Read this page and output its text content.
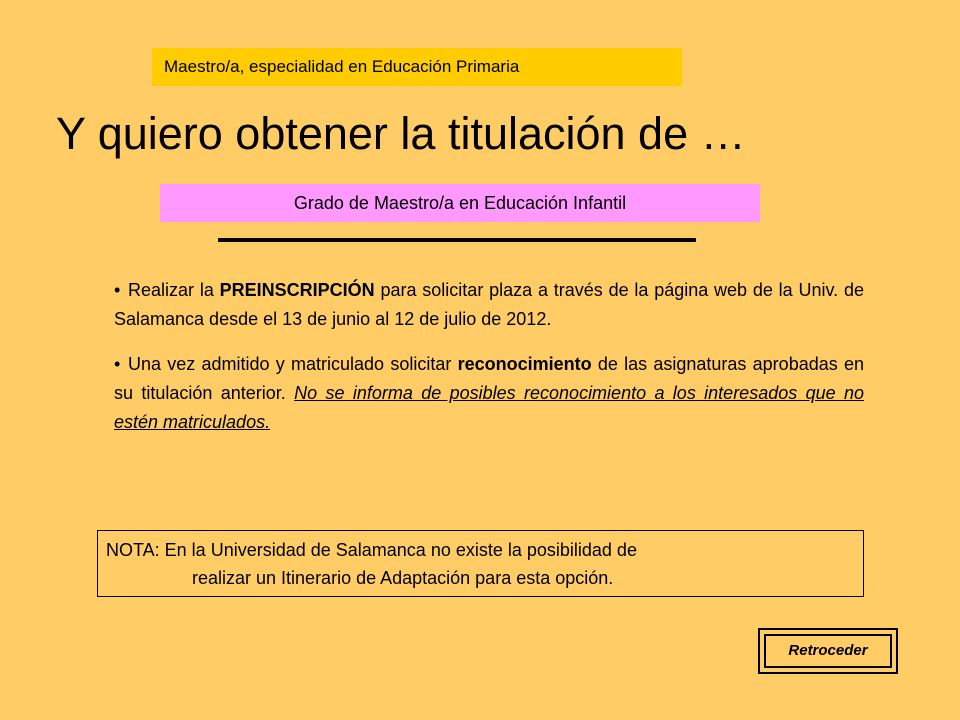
Maestro/a, especialidad en Educación Primaria
Y quiero obtener la titulación de …
Grado de Maestro/a en Educación Infantil

• Realizar la PREINSCRIPCIÓN para solicitar plaza a través de la página web de la Univ. de Salamanca desde el 13 de junio al 12 de julio de 2012.

• Una vez admitido y matriculado solicitar reconocimiento de las asignaturas aprobadas en su titulación anterior. No se informa de posibles reconocimiento a los interesados que no estén matriculados.

NOTA: En la Universidad de Salamanca no existe la posibilidad de
realizar un Itinerario de Adaptación para esta opción.
Retroceder
